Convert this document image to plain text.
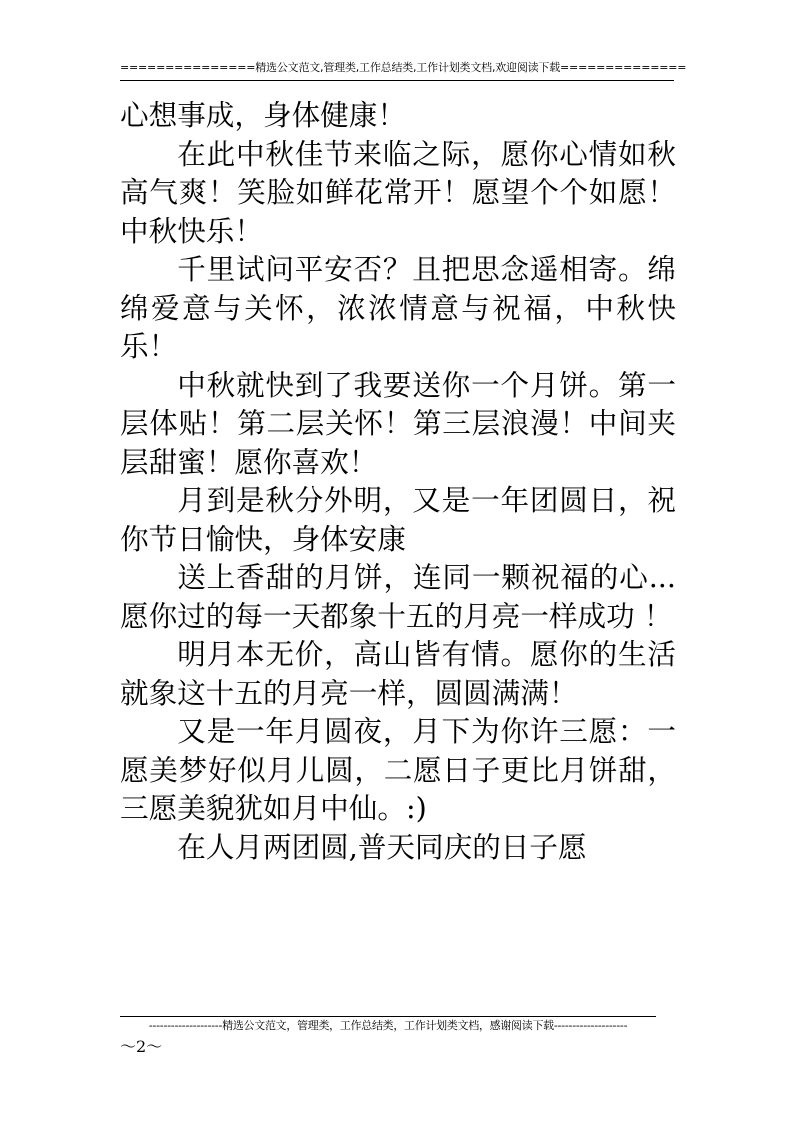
===============精选公文范文,管理类,工作总结类,工作计划类文档,欢迎阅读下载==============

心想事成，身体健康！

在此中秋佳节来临之际，愿你心情如秋高气爽！笑脸如鲜花常开！愿望个个如愿！中秋快乐！

千里试问平安否？且把思念遥相寄。绵绵爱意与关怀，浓浓情意与祝福，中秋快乐！

中秋就快到了我要送你一个月饼。第一层体贴！第二层关怀！第三层浪漫！中间夹层甜蜜！愿你喜欢！

月到是秋分外明，又是一年团圆日，祝你节日愉快，身体安康

送上香甜的月饼，连同一颗祝福的心...愿你过的每一天都象十五的月亮一样成功 ！

明月本无价，高山皆有情。愿你的生活就象这十五的月亮一样，圆圆满满！

又是一年月圆夜，月下为你许三愿：一愿美梦好似月儿圆，二愿日子更比月饼甜，三愿美貌犹如月中仙。:)

在人月两团圆,普天同庆的日子愿

--------------------精选公文范文，管理类，工作总结类，工作计划类文档，感谢阅读下载--------------------
～2～
